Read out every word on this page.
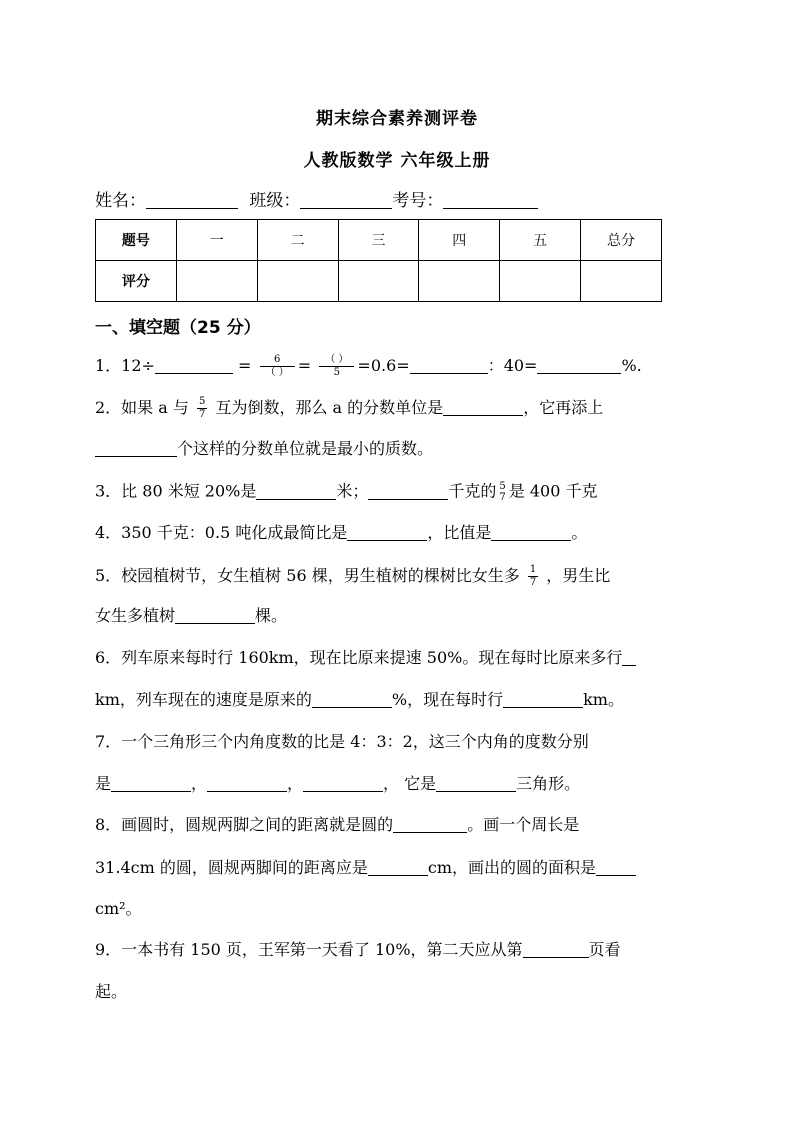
期末综合素养测评卷
人教版数学 六年级上册
姓名：	班级：	考号：
题号	一	二	三	四	五	总分
评分						
一、填空题（25 分）
1．12÷	= $\frac{6}{( )} = \frac{( )}{5} =0.6=$	：40=	%.
2．如果 a 与 $\frac{5}{7}$ 互为倒数，那么 a 的分数单位是	，它再添上
个这样的分数单位就是最小的质数。
3．比 80 米短 20%是	米；	千克的 5
7 是 400 千克
4．350 千克：0.5 吨化成最简比是	，比值是	。
5．校园植树节，女生植树 56 棵，男生植树的棵树比女生多 $\frac{1}{7}$ ，男生比
女生多植树	棵。
6．列车原来每时行 160km，现在比原来提速 50%。现在每时比原来多行
km，列车现在的速度是原来的	%，现在每时行	km。
7．一个三角形三个内角度数的比是 4：3：2，这三个内角的度数分别
是	，	，	， 它是	三角形。
8．画圆时，圆规两脚之间的距离就是圆的	。画一个周长是
31.4cm 的圆，圆规两脚间的距离应是	cm，画出的圆的面积是
cm²。
9．一本书有 150 页，王军第一天看了 10%，第二天应从第	页看
起。
